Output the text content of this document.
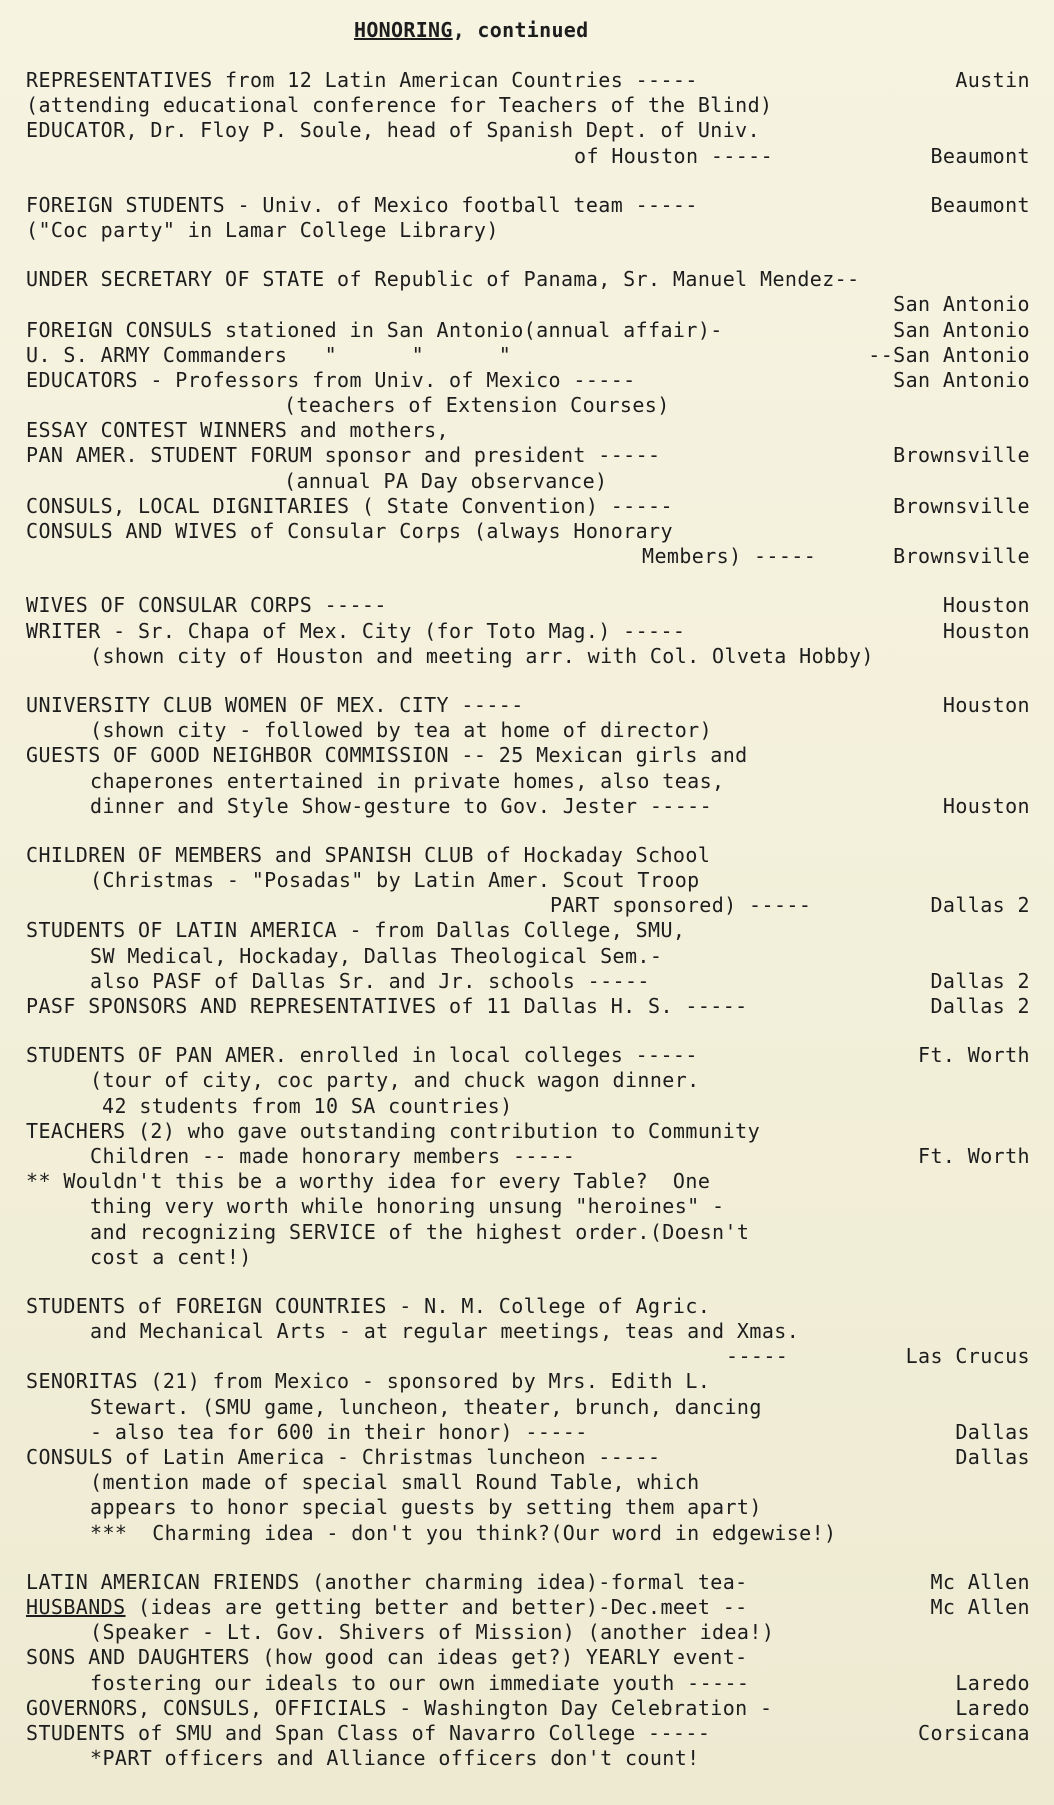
HONORING, continued
REPRESENTATIVES from 12 Latin American Countries -----	Austin
(attending educational conference for Teachers of the Blind)
EDUCATOR, Dr. Floy P. Soule, head of Spanish Dept. of Univ.
of Houston -----	Beaumont
FOREIGN STUDENTS - Univ. of Mexico football team -----	Beaumont
("Coc party" in Lamar College Library)
UNDER SECRETARY OF STATE of Republic of Panama, Sr. Manuel Mendez--
San Antonio
FOREIGN CONSULS stationed in San Antonio(annual affair)-	San Antonio
U. S. ARMY Commanders   "      "      "	--San Antonio
EDUCATORS - Professors from Univ. of Mexico -----	San Antonio
(teachers of Extension Courses)
ESSAY CONTEST WINNERS and mothers,
PAN AMER. STUDENT FORUM sponsor and president -----	Brownsville
(annual PA Day observance)
CONSULS, LOCAL DIGNITARIES ( State Convention) -----	Brownsville
CONSULS AND WIVES of Consular Corps (always Honorary
Members) -----	Brownsville
WIVES OF CONSULAR CORPS -----	Houston
WRITER - Sr. Chapa of Mex. City (for Toto Mag.) -----	Houston
(shown city of Houston and meeting arr. with Col. Olveta Hobby)
UNIVERSITY CLUB WOMEN OF MEX. CITY -----	Houston
(shown city - followed by tea at home of director)
GUESTS OF GOOD NEIGHBOR COMMISSION -- 25 Mexican girls and
chaperones entertained in private homes, also teas,
dinner and Style Show-gesture to Gov. Jester -----	Houston
CHILDREN OF MEMBERS and SPANISH CLUB of Hockaday School
(Christmas - "Posadas" by Latin Amer. Scout Troop
PART sponsored) -----	Dallas 2
STUDENTS OF LATIN AMERICA - from Dallas College, SMU,
SW Medical, Hockaday, Dallas Theological Sem.-
also PASF of Dallas Sr. and Jr. schools -----	Dallas 2
PASF SPONSORS AND REPRESENTATIVES of 11 Dallas H. S. -----	Dallas 2
STUDENTS OF PAN AMER. enrolled in local colleges -----	Ft. Worth
(tour of city, coc party, and chuck wagon dinner.
42 students from 10 SA countries)
TEACHERS (2) who gave outstanding contribution to Community
Children -- made honorary members -----	Ft. Worth
** Wouldn't this be a worthy idea for every Table?  One
thing very worth while honoring unsung "heroines" -
and recognizing SERVICE of the highest order.(Doesn't
cost a cent!)
STUDENTS of FOREIGN COUNTRIES - N. M. College of Agric.
and Mechanical Arts - at regular meetings, teas and Xmas.
-----	Las Crucus
SENORITAS (21) from Mexico - sponsored by Mrs. Edith L.
Stewart. (SMU game, luncheon, theater, brunch, dancing
- also tea for 600 in their honor) -----	Dallas
CONSULS of Latin America - Christmas luncheon -----	Dallas
(mention made of special small Round Table, which
appears to honor special guests by setting them apart)
***  Charming idea - don't you think?(Our word in edgewise!)
LATIN AMERICAN FRIENDS (another charming idea)-formal tea-	Mc Allen
HUSBANDS (ideas are getting better and better)-Dec.meet --	Mc Allen
(Speaker - Lt. Gov. Shivers of Mission) (another idea!)
SONS AND DAUGHTERS (how good can ideas get?) YEARLY event-
fostering our ideals to our own immediate youth -----	Laredo
GOVERNORS, CONSULS, OFFICIALS - Washington Day Celebration -	Laredo
STUDENTS of SMU and Span Class of Navarro College -----	Corsicana
*PART officers and Alliance officers don't count!
